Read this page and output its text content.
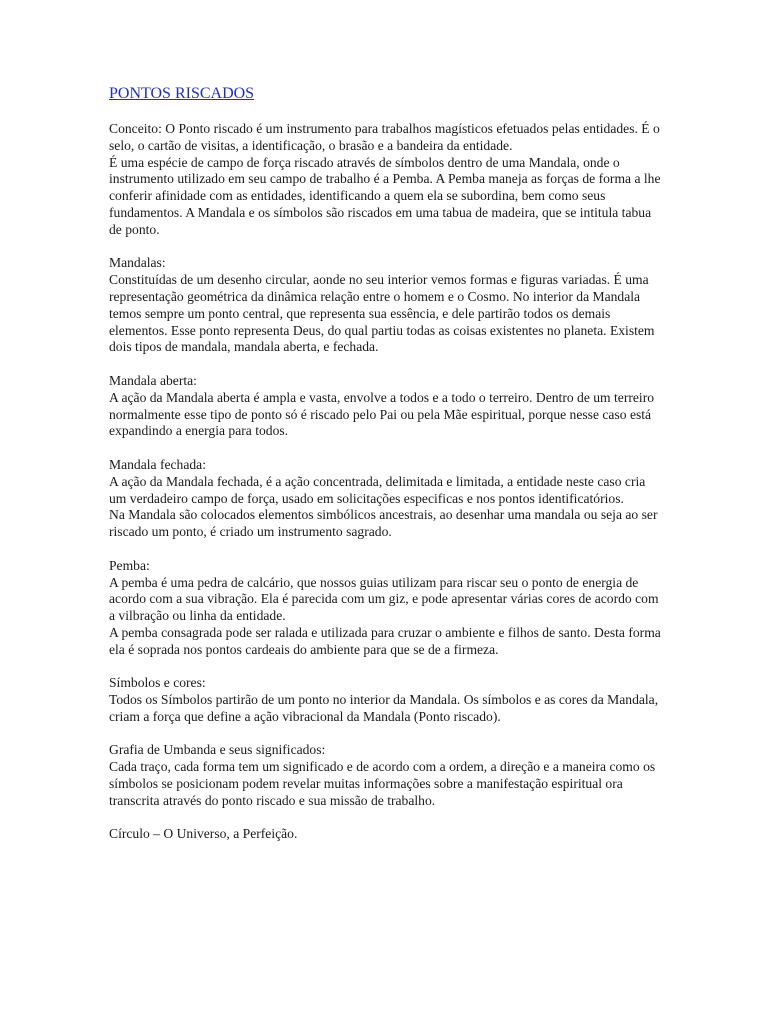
PONTOS RISCADOS

Conceito: O Ponto riscado é um instrumento para trabalhos magísticos efetuados pelas entidades. É o selo, o cartão de visitas, a identificação, o brasão e a bandeira da entidade.

É uma espécie de campo de força riscado através de símbolos dentro de uma Mandala, onde o instrumento utilizado em seu campo de trabalho é a Pemba. A Pemba maneja as forças de forma a lhe conferir afinidade com as entidades, identificando a quem ela se subordina, bem como seus fundamentos. A Mandala e os símbolos são riscados em uma tabua de madeira, que se intitula tabua de ponto.

Mandalas:

Constituídas de um desenho circular, aonde no seu interior vemos formas e figuras variadas. É uma representação geométrica da dinâmica relação entre o homem e o Cosmo. No interior da Mandala temos sempre um ponto central, que representa sua essência, e dele partirão todos os demais elementos. Esse ponto representa Deus, do qual partiu todas as coisas existentes no planeta. Existem dois tipos de mandala, mandala aberta, e fechada.

Mandala aberta:

A ação da Mandala aberta é ampla e vasta, envolve a todos e a todo o terreiro. Dentro de um terreiro normalmente esse tipo de ponto só é riscado pelo Pai ou pela Mãe espiritual, porque nesse caso está expandindo a energia para todos.

Mandala fechada:

A ação da Mandala fechada, é a ação concentrada, delimitada e limitada, a entidade neste caso cria um verdadeiro campo de força, usado em solicitações especificas e nos pontos identificatórios.

Na Mandala são colocados elementos simbólicos ancestrais, ao desenhar uma mandala ou seja ao ser riscado um ponto, é criado um instrumento sagrado.

Pemba:

A pemba é uma pedra de calcário, que nossos guias utilizam para riscar seu o ponto de energia de acordo com a sua vibração. Ela é parecida com um giz, e pode apresentar várias cores de acordo com a vilbração ou linha da entidade.

A pemba consagrada pode ser ralada e utilizada para cruzar o ambiente e filhos de santo. Desta forma ela é soprada nos pontos cardeais do ambiente para que se de a firmeza.

Símbolos e cores:

Todos os Símbolos partirão de um ponto no interior da Mandala. Os símbolos e as cores da Mandala, criam a força que define a ação vibracional da Mandala (Ponto riscado).

Grafia de Umbanda e seus significados:

Cada traço, cada forma tem um significado e de acordo com a ordem, a direção e a maneira como os símbolos se posicionam podem revelar muitas informações sobre a manifestação espiritual ora transcrita através do ponto riscado e sua missão de trabalho.

Círculo – O Universo, a Perfeição.
